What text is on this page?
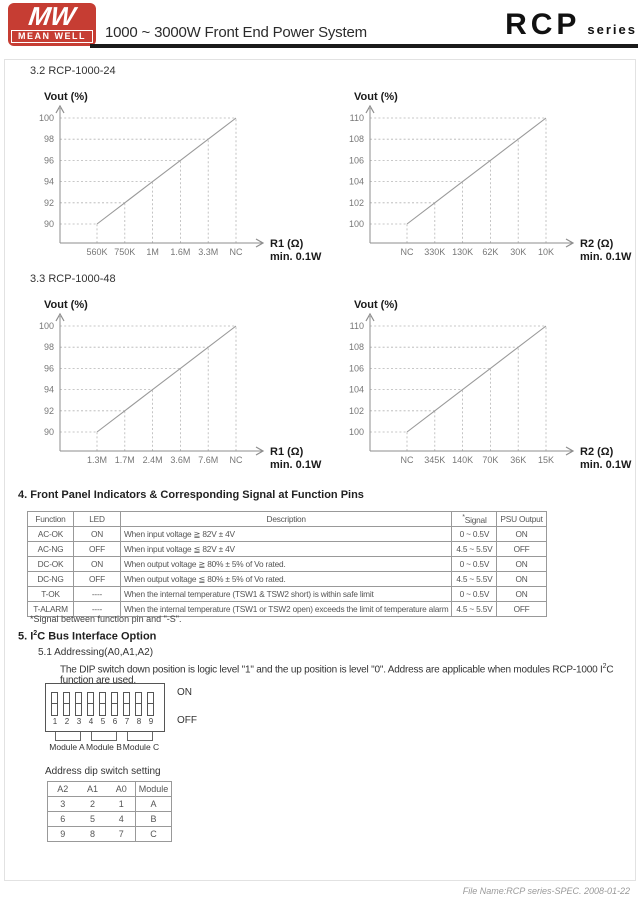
MW
MEAN WELL	1000 ~ 3000W Front End Power System	RCP series
3.2 RCP-1000-24
560K 750K 1M 1.6M 3.3M NC
90
92
94
96
98
100
Vout (%)
R1 (Ω)
min. 0.1W	NC 330K 130K 62K 30K 10K
100
102
104
106
108
110
Vout (%)
R2 (Ω)
min. 0.1W
3.3 RCP-1000-48
1.3M 1.7M 2.4M 3.6M 7.6M NC
90
92
94
96
98
100
Vout (%)
R1 (Ω)
min. 0.1W	NC 345K 140K 70K 36K 15K
100
102
104
106
108
110
Vout (%)
R2 (Ω)
min. 0.1W
4. Front Panel Indicators & Corresponding Signal at Function Pins
Function	LED	Description	*Signal	PSU Output
AC-OK	ON	When input voltage ≧ 82V ± 4V	0 ~ 0.5V	ON
AC-NG	OFF	When input voltage ≦ 82V ± 4V	4.5 ~ 5.5V	OFF
DC-OK	ON	When output voltage ≧ 80% ± 5% of Vo rated.	0 ~ 0.5V	ON
DC-NG	OFF	When output voltage ≦ 80% ± 5% of Vo rated.	4.5 ~ 5.5V	ON
T-OK	----	When the internal temperature (TSW1 & TSW2 short) is within safe limit	0 ~ 0.5V	ON
T-ALARM	----	When the internal temperature (TSW1 or TSW2 open) exceeds the limit of temperature alarm	4.5 ~ 5.5V	OFF
*Signal between function pin and "-S".
5. $I^2C$ Bus Interface Option
5.1 Addressing(A0,A1,A2)
The DIP switch down position is logic level "1" and the up position is level "0". Address are applicable when modules RCP-1000 $I^2C$ function are used.
1 2 3 4 5 6 7 8 9
ON
OFF
Module A Module B Module C
Address dip switch setting
A2	A1	A0	Module
3	2	1	A
6	5	4	B
9	8	7	C
File Name:RCP series-SPEC. 2008-01-22
